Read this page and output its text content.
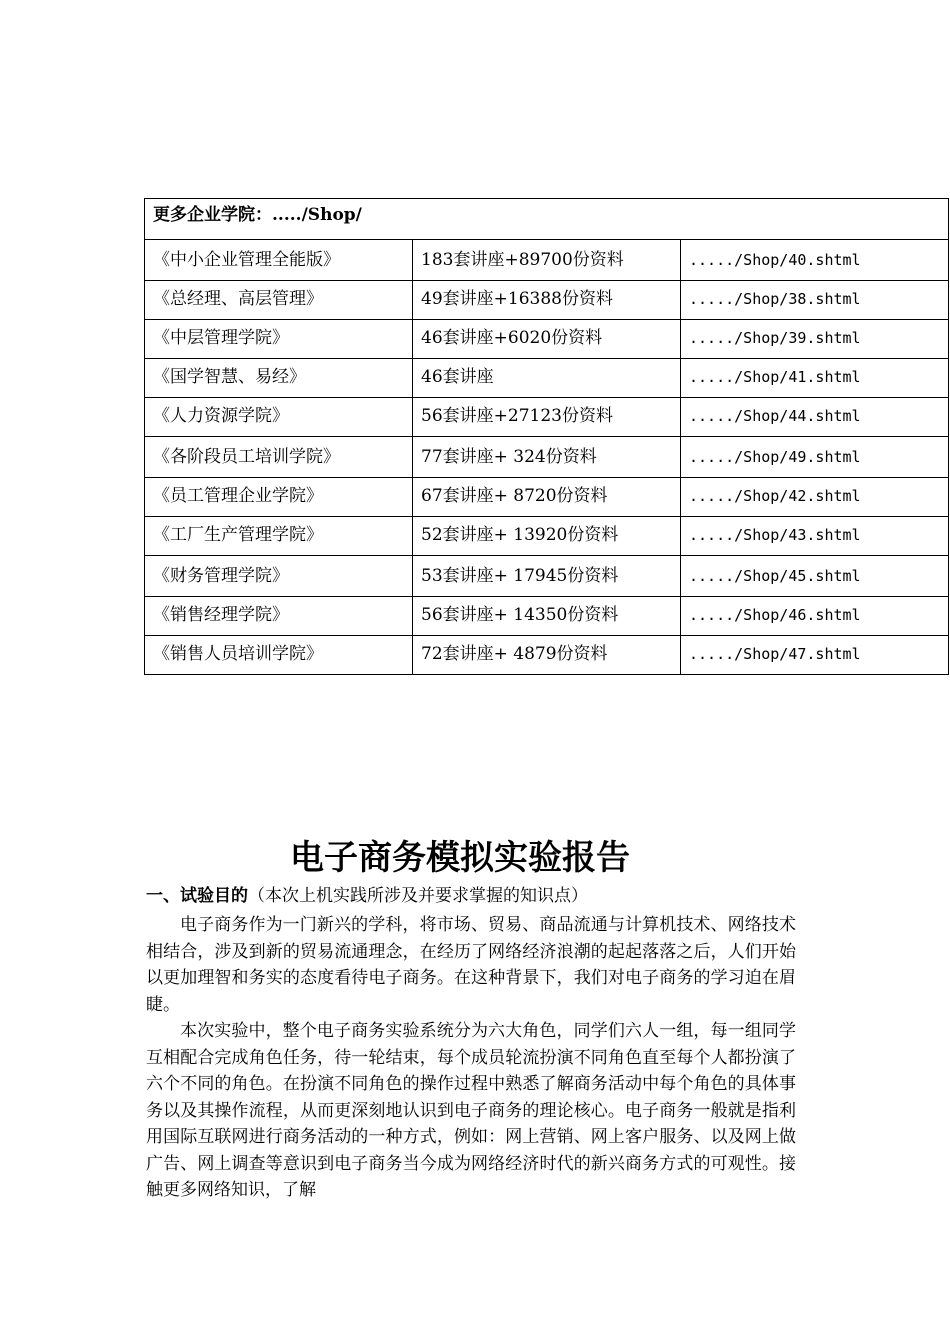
更多企业学院：...../Shop/		
《中小企业管理全能版》	183套讲座+89700份资料	...../Shop/40.shtml
《总经理、高层管理》	49套讲座+16388份资料	...../Shop/38.shtml
《中层管理学院》	46套讲座+6020份资料	...../Shop/39.shtml
《国学智慧、易经》	46套讲座	...../Shop/41.shtml
《人力资源学院》	56套讲座+27123份资料	...../Shop/44.shtml
《各阶段员工培训学院》	77套讲座+ 324份资料	...../Shop/49.shtml
《员工管理企业学院》	67套讲座+ 8720份资料	...../Shop/42.shtml
《工厂生产管理学院》	52套讲座+ 13920份资料	...../Shop/43.shtml
《财务管理学院》	53套讲座+ 17945份资料	...../Shop/45.shtml
《销售经理学院》	56套讲座+ 14350份资料	...../Shop/46.shtml
《销售人员培训学院》	72套讲座+ 4879份资料	...../Shop/47.shtml
电子商务模拟实验报告
一、试验目的（本次上机实践所涉及并要求掌握的知识点）

电子商务作为一门新兴的学科，将市场、贸易、商品流通与计算机技术、网络技术相结合，涉及到新的贸易流通理念，在经历了网络经济浪潮的起起落落之后，人们开始以更加理智和务实的态度看待电子商务。在这种背景下，我们对电子商务的学习迫在眉睫。

本次实验中，整个电子商务实验系统分为六大角色，同学们六人一组，每一组同学互相配合完成角色任务，待一轮结束，每个成员轮流扮演不同角色直至每个人都扮演了六个不同的角色。在扮演不同角色的操作过程中熟悉了解商务活动中每个角色的具体事务以及其操作流程，从而更深刻地认识到电子商务的理论核心。电子商务一般就是指利用国际互联网进行商务活动的一种方式，例如：网上营销、网上客户服务、以及网上做广告、网上调查等意识到电子商务当今成为网络经济时代的新兴商务方式的可观性。接触更多网络知识，了解
